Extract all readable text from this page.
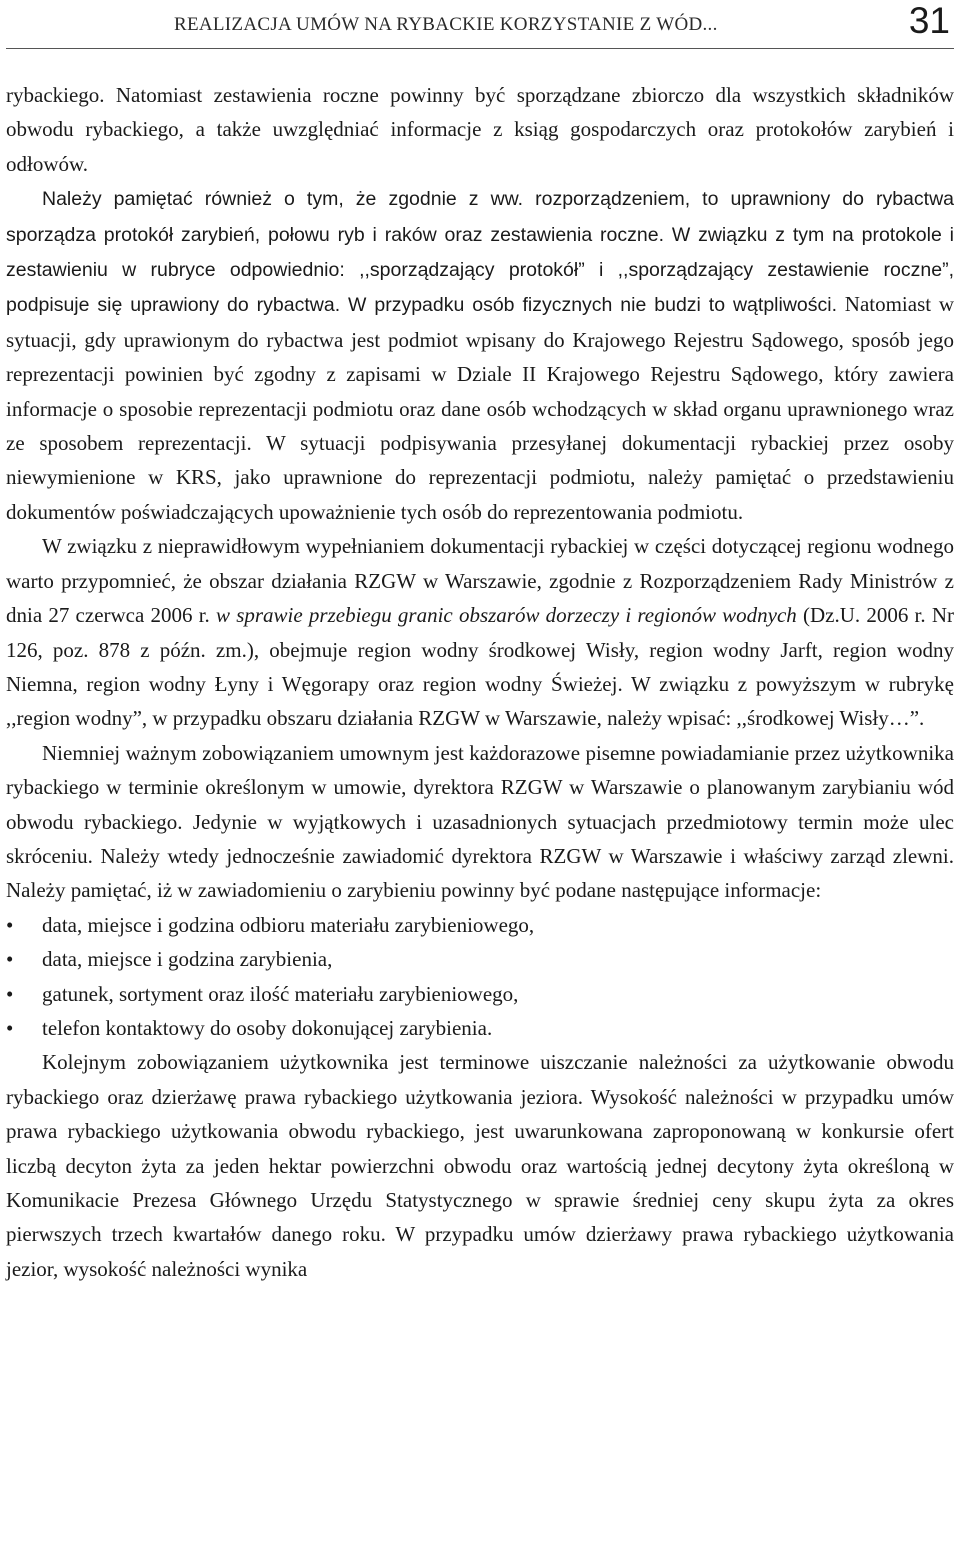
REALIZACJA UMÓW NA RYBACKIE KORZYSTANIE Z WÓD...	31

rybackiego. Natomiast zestawienia roczne powinny być sporządzane zbiorczo dla wszystkich składników obwodu rybackiego, a także uwzględniać informacje z ksiąg gospodarczych oraz protokołów zarybień i odłowów.

Należy pamiętać również o tym, że zgodnie z ww. rozporządzeniem, to uprawniony do rybactwa sporządza protokół zarybień, połowu ryb i raków oraz zestawienia roczne. W związku z tym na protokole i zestawieniu w rubryce odpowiednio: ,,sporządzający protokół” i ,,sporządzający zestawienie roczne”, podpisuje się uprawiony do rybactwa. W przypadku osób fizycznych nie budzi to wątpliwości. Natomiast w sytuacji, gdy uprawionym do rybactwa jest podmiot wpisany do Krajowego Rejestru Sądowego, sposób jego reprezentacji powinien być zgodny z zapisami w Dziale II Krajowego Rejestru Sądowego, który zawiera informacje o sposobie reprezentacji podmiotu oraz dane osób wchodzących w skład organu uprawnionego wraz ze sposobem reprezentacji. W sytuacji podpisywania przesyłanej dokumentacji rybackiej przez osoby niewymienione w KRS, jako uprawnione do reprezentacji podmiotu, należy pamiętać o przedstawieniu dokumentów poświadczających upoważnienie tych osób do reprezentowania podmiotu.

W związku z nieprawidłowym wypełnianiem dokumentacji rybackiej w części dotyczącej regionu wodnego warto przypomnieć, że obszar działania RZGW w Warszawie, zgodnie z Rozporządzeniem Rady Ministrów z dnia 27 czerwca 2006 r. w sprawie przebiegu granic obszarów dorzeczy i regionów wodnych (Dz.U. 2006 r. Nr 126, poz. 878 z późn. zm.), obejmuje region wodny środkowej Wisły, region wodny Jarft, region wodny Niemna, region wodny Łyny i Węgorapy oraz region wodny Świeżej. W związku z powyższym w rubrykę ,,region wodny”, w przypadku obszaru działania RZGW w Warszawie, należy wpisać: ,,środkowej Wisły…”.

Niemniej ważnym zobowiązaniem umownym jest każdorazowe pisemne powiadamianie przez użytkownika rybackiego w terminie określonym w umowie, dyrektora RZGW w Warszawie o planowanym zarybianiu wód obwodu rybackiego. Jedynie w wyjątkowych i uzasadnionych sytuacjach przedmiotowy termin może ulec skróceniu. Należy wtedy jednocześnie zawiadomić dyrektora RZGW w Warszawie i właściwy zarząd zlewni. Należy pamiętać, iż w zawiadomieniu o zarybieniu powinny być podane następujące informacje:

• data, miejsce i godzina odbioru materiału zarybieniowego,
• data, miejsce i godzina zarybienia,
• gatunek, sortyment oraz ilość materiału zarybieniowego,
• telefon kontaktowy do osoby dokonującej zarybienia.

Kolejnym zobowiązaniem użytkownika jest terminowe uiszczanie należności za użytkowanie obwodu rybackiego oraz dzierżawę prawa rybackiego użytkowania jeziora. Wysokość należności w przypadku umów prawa rybackiego użytkowania obwodu rybackiego, jest uwarunkowana zaproponowaną w konkursie ofert liczbą decyton żyta za jeden hektar powierzchni obwodu oraz wartością jednej decytony żyta określoną w Komunikacie Prezesa Głównego Urzędu Statystycznego w sprawie średniej ceny skupu żyta za okres pierwszych trzech kwartałów danego roku. W przypadku umów dzierżawy prawa rybackiego użytkowania jezior, wysokość należności wynika
